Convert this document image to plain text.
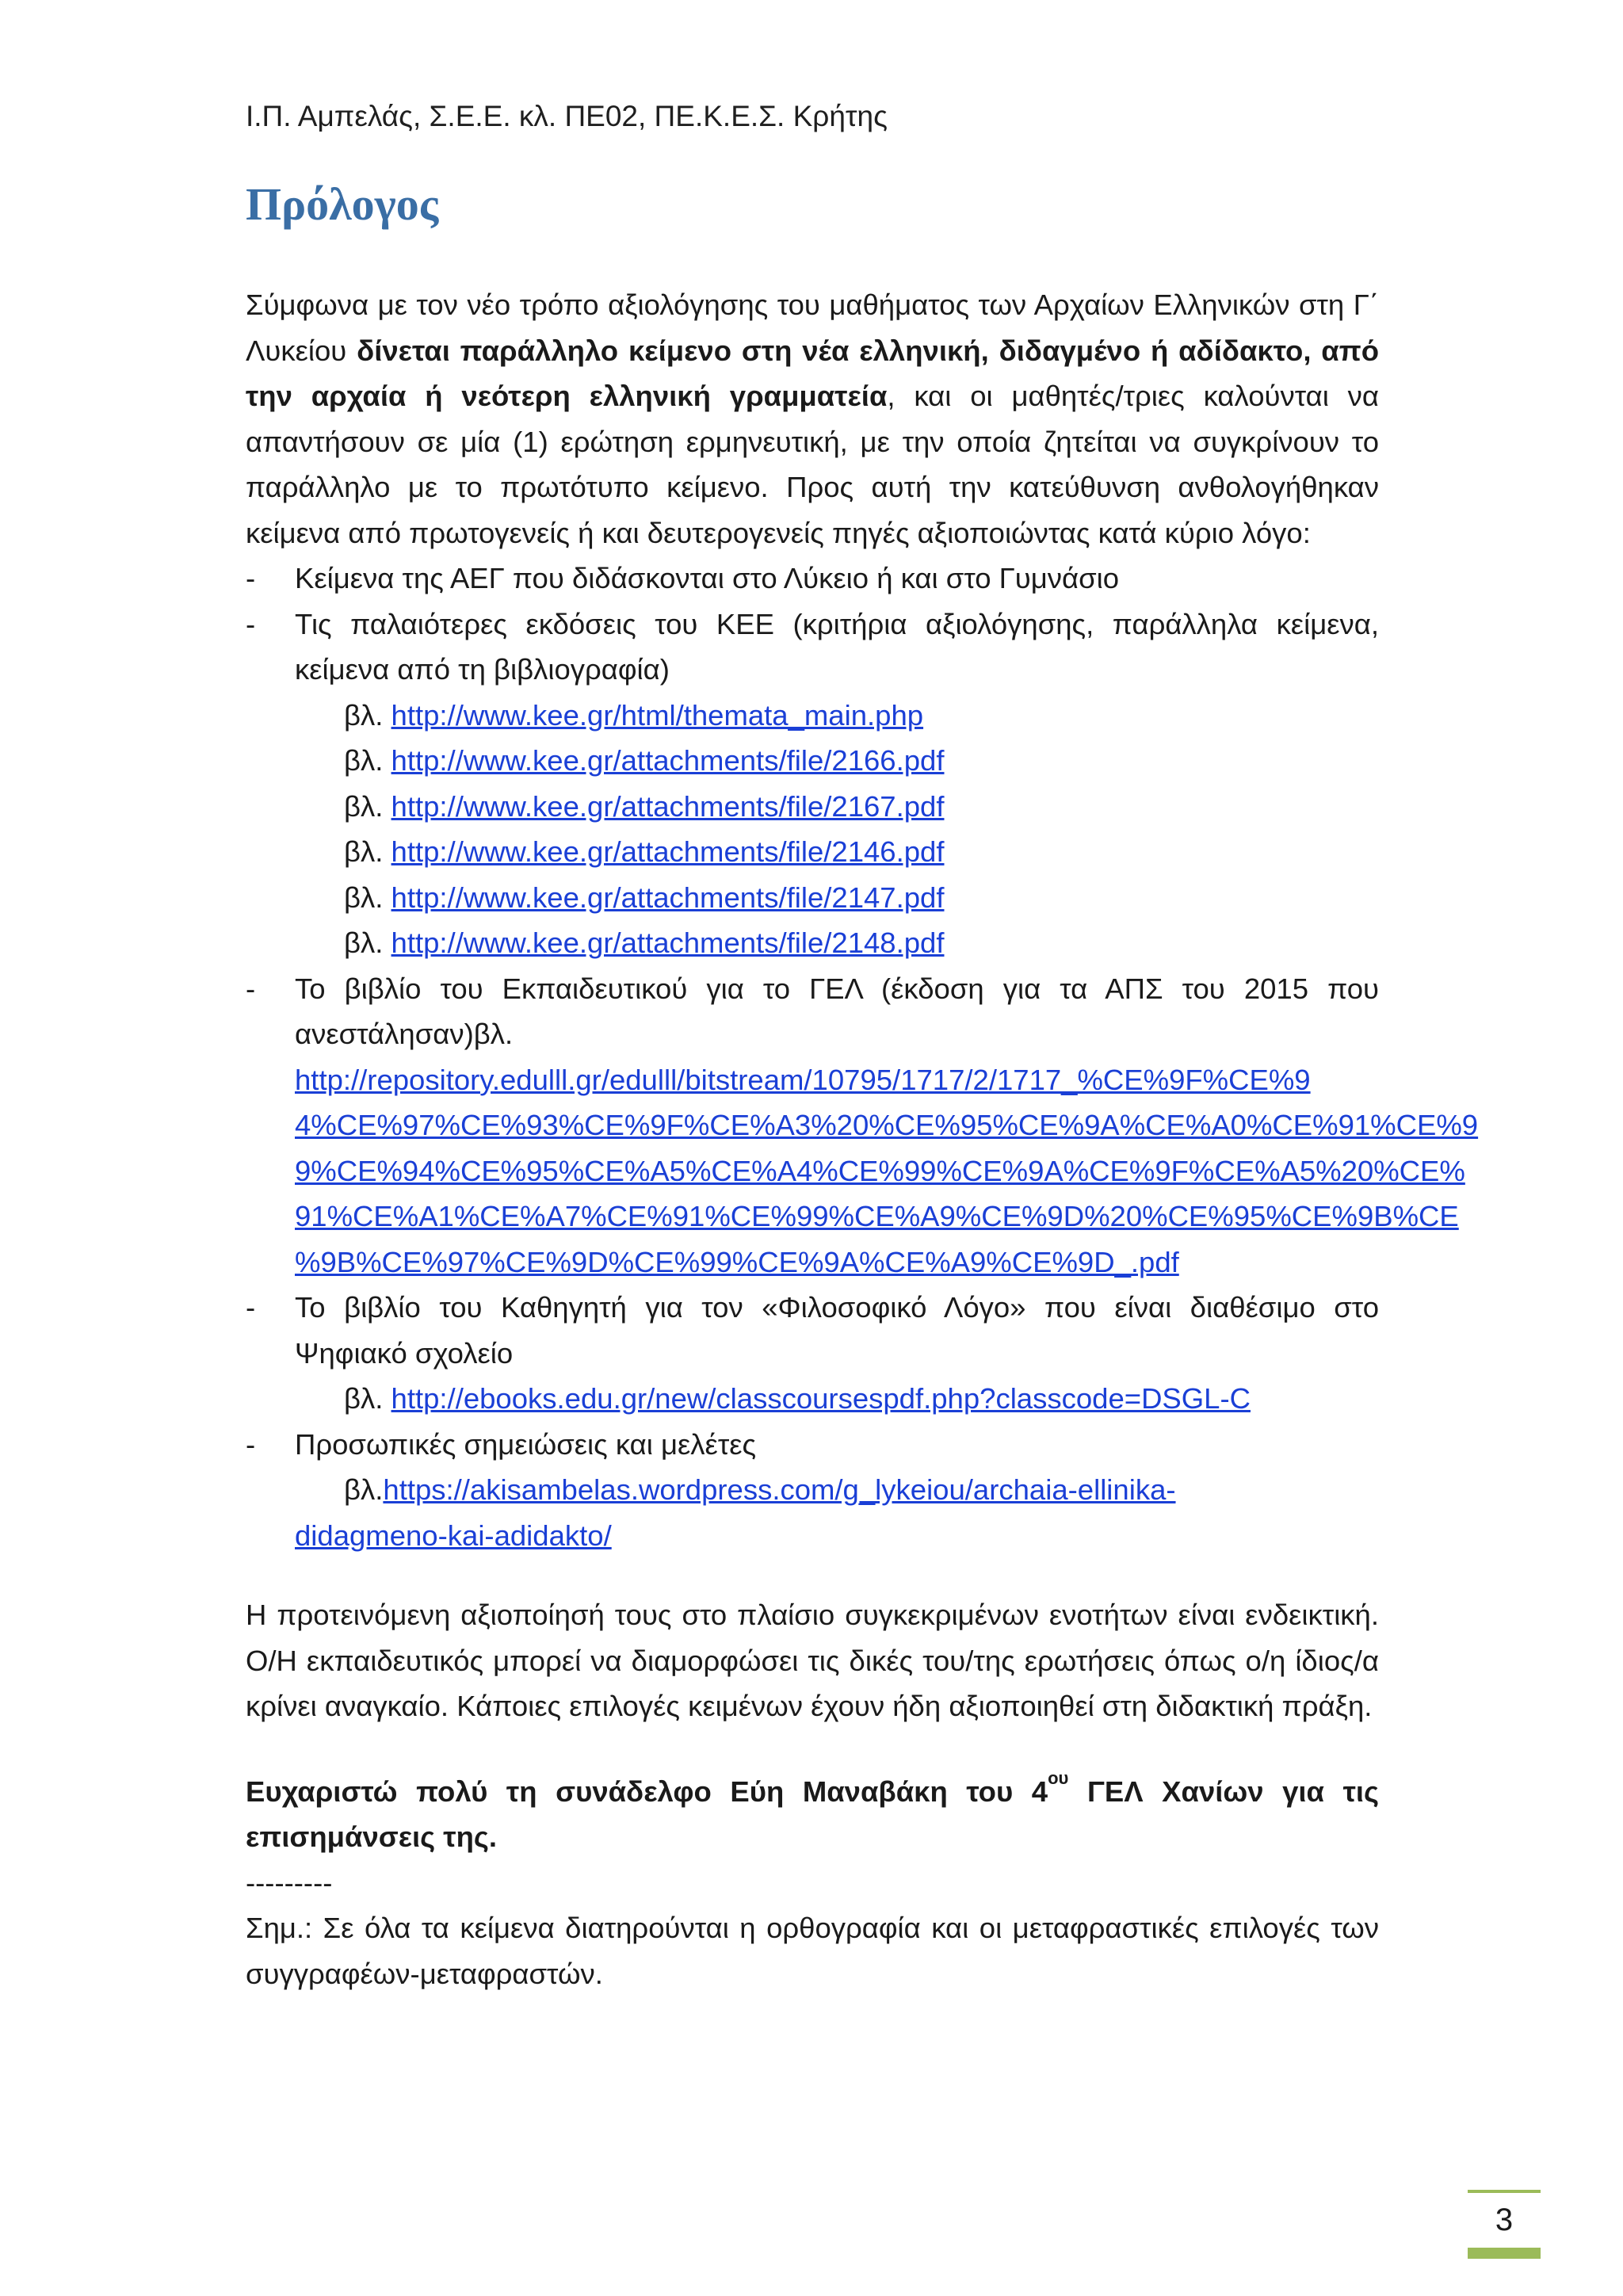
Ι.Π. Αμπελάς, Σ.Ε.Ε. κλ. ΠΕ02, ΠΕ.Κ.Ε.Σ. Κρήτης
Πρόλογος

Σύμφωνα με τον νέο τρόπο αξιολόγησης του μαθήματος των Αρχαίων Ελληνικών στη Γ΄ Λυκείου δίνεται παράλληλο κείμενο στη νέα ελληνική, διδαγμένο ή αδίδακτο, από την αρχαία ή νεότερη ελληνική γραμματεία, και οι μαθητές/τριες καλούνται να απαντήσουν σε μία (1) ερώτηση ερμηνευτική, με την οποία ζητείται να συγκρίνουν το παράλληλο με το πρωτότυπο κείμενο. Προς αυτή την κατεύθυνση ανθολογήθηκαν κείμενα από πρωτογενείς ή και δευτερογενείς πηγές αξιοποιώντας κατά κύριο λόγο:

- Κείμενα της ΑΕΓ που διδάσκονται στο Λύκειο ή και στο Γυμνάσιο
- Τις παλαιότερες εκδόσεις του ΚΕΕ (κριτήρια αξιολόγησης, παράλληλα κείμενα, κείμενα από τη βιβλιογραφία)
βλ. http://www.kee.gr/html/themata_main.php
βλ. http://www.kee.gr/attachments/file/2166.pdf
βλ. http://www.kee.gr/attachments/file/2167.pdf
βλ. http://www.kee.gr/attachments/file/2146.pdf
βλ. http://www.kee.gr/attachments/file/2147.pdf
βλ. http://www.kee.gr/attachments/file/2148.pdf
- Το βιβλίο του Εκπαιδευτικού για το ΓΕΛ (έκδοση για τα ΑΠΣ του 2015 που ανεστάλησαν)βλ.
http://repository.edulll.gr/edulll/bitstream/10795/1717/2/1717_%CE%9F%CE%9
4%CE%97%CE%93%CE%9F%CE%A3%20%CE%95%CE%9A%CE%A0%CE%91%CE%9
9%CE%94%CE%95%CE%A5%CE%A4%CE%99%CE%9A%CE%9F%CE%A5%20%CE%
91%CE%A1%CE%A7%CE%91%CE%99%CE%A9%CE%9D%20%CE%95%CE%9B%CE
%9B%CE%97%CE%9D%CE%99%CE%9A%CE%A9%CE%9D_.pdf
- Το βιβλίο του Καθηγητή για τον «Φιλοσοφικό Λόγο» που είναι διαθέσιμο στο Ψηφιακό σχολείο
βλ. http://ebooks.edu.gr/new/classcoursespdf.php?classcode=DSGL-C
- Προσωπικές σημειώσεις και μελέτες
βλ.https://akisambelas.wordpress.com/g_lykeiou/archaia-ellinika-
didagmeno-kai-adidakto/

Η προτεινόμενη αξιοποίησή τους στο πλαίσιο συγκεκριμένων ενοτήτων είναι ενδεικτική. Ο/Η εκπαιδευτικός μπορεί να διαμορφώσει τις δικές του/της ερωτήσεις όπως ο/η ίδιος/α κρίνει αναγκαίο. Κάποιες επιλογές κειμένων έχουν ήδη αξιοποιηθεί στη διδακτική πράξη.

Ευχαριστώ πολύ τη συνάδελφο Εύη Μαναβάκη του $4^{o\upsilon}$ ΓΕΛ Χανίων για τις επισημάνσεις της.

---------

Σημ.: Σε όλα τα κείμενα διατηρούνται η ορθογραφία και οι μεταφραστικές επιλογές των συγγραφέων-μεταφραστών.

3
